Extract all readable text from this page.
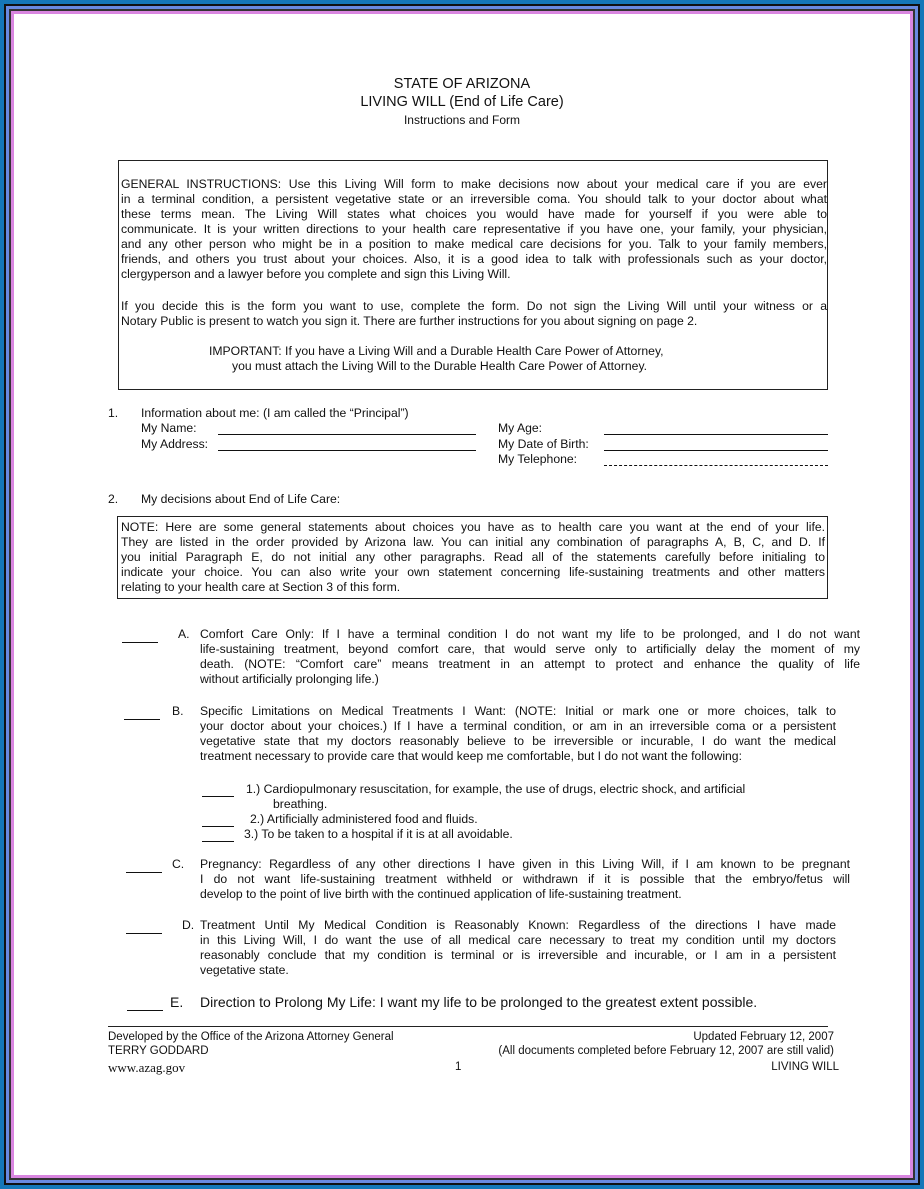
STATE OF ARIZONA
LIVING WILL (End of Life Care)
Instructions and Form
GENERAL INSTRUCTIONS: Use this Living Will form to make decisions now about your medical care if you are ever
in a terminal condition, a persistent vegetative state or an irreversible coma. You should talk to your doctor about what
these terms mean. The Living Will states what choices you would have made for yourself if you were able to
communicate. It is your written directions to your health care representative if you have one, your family, your physician,
and any other person who might be in a position to make medical care decisions for you. Talk to your family members,
friends, and others you trust about your choices. Also, it is a good idea to talk with professionals such as your doctor,
clergyperson and a lawyer before you complete and sign this Living Will.
If you decide this is the form you want to use, complete the form. Do not sign the Living Will until your witness or a
Notary Public is present to watch you sign it. There are further instructions for you about signing on page 2.
IMPORTANT: If you have a Living Will and a Durable Health Care Power of Attorney,
you must attach the Living Will to the Durable Health Care Power of Attorney.
1. Information about me: (I am called the “Principal”)
My Name:
My Address:
My Age:
My Date of Birth:
My Telephone:
2. My decisions about End of Life Care:
NOTE: Here are some general statements about choices you have as to health care you want at the end of your life.
They are listed in the order provided by Arizona law. You can initial any combination of paragraphs A, B, C, and D. If
you initial Paragraph E, do not initial any other paragraphs. Read all of the statements carefully before initialing to
indicate your choice. You can also write your own statement concerning life-sustaining treatments and other matters
relating to your health care at Section 3 of this form.
A. Comfort Care Only: If I have a terminal condition I do not want my life to be prolonged, and I do not want
life-sustaining treatment, beyond comfort care, that would serve only to artificially delay the moment of my
death. (NOTE: “Comfort care” means treatment in an attempt to protect and enhance the quality of life
without artificially prolonging life.)
B. Specific Limitations on Medical Treatments I Want: (NOTE: Initial or mark one or more choices, talk to
your doctor about your choices.) If I have a terminal condition, or am in an irreversible coma or a persistent
vegetative state that my doctors reasonably believe to be irreversible or incurable, I do want the medical
treatment necessary to provide care that would keep me comfortable, but I do not want the following:
C. Pregnancy: Regardless of any other directions I have given in this Living Will, if I am known to be pregnant
I do not want life-sustaining treatment withheld or withdrawn if it is possible that the embryo/fetus will
develop to the point of live birth with the continued application of life-sustaining treatment.
D. Treatment Until My Medical Condition is Reasonably Known: Regardless of the directions I have made
in this Living Will, I do want the use of all medical care necessary to treat my condition until my doctors
reasonably conclude that my condition is terminal or is irreversible and incurable, or I am in a persistent
vegetative state.
E. Direction to Prolong My Life: I want my life to be prolonged to the greatest extent possible.
1.) Cardiopulmonary resuscitation, for example, the use of drugs, electric shock, and artificial
2.) Artificially administered food and fluids.
3.) To be taken to a hospital if it is at all avoidable.
breathing.
Developed by the Office of the Arizona Attorney General
TERRY GODDARD
www.azag.gov
Updated February 12, 2007
(All documents completed before February 12, 2007 are still valid)
1	LIVING WILL
